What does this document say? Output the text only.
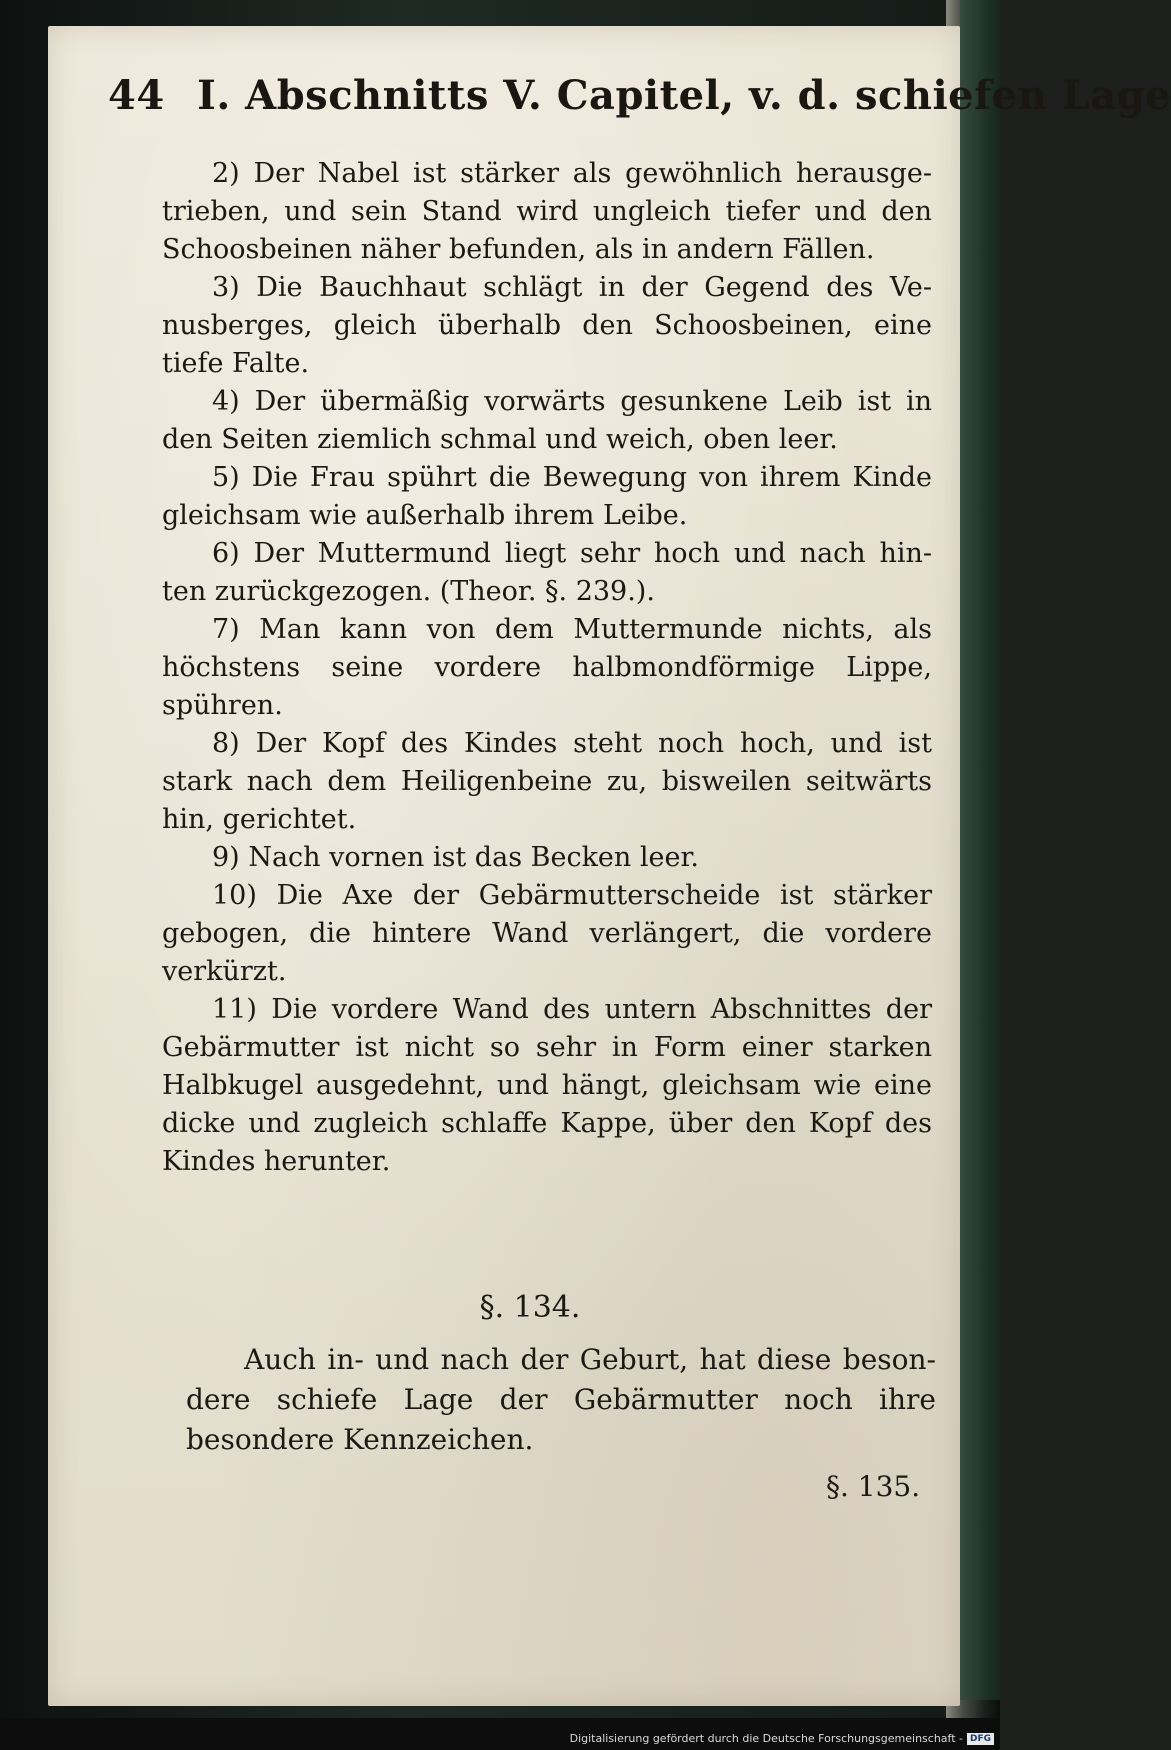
44 I. Abschnitts V. Capitel, v. d. schiefen Lage

2) Der Nabel ist stärker als gewöhnlich herausge- trieben, und sein Stand wird ungleich tiefer und den Schoosbeinen näher befunden, als in andern Fällen.

3) Die Bauchhaut schlägt in der Gegend des Ve- nusberges, gleich überhalb den Schoosbeinen, eine tiefe Falte.

4) Der übermäßig vorwärts gesunkene Leib ist in den Seiten ziemlich schmal und weich, oben leer.

5) Die Frau spührt die Bewegung von ihrem Kinde gleichsam wie außerhalb ihrem Leibe.

6) Der Muttermund liegt sehr hoch und nach hin- ten zurückgezogen. (Theor. §. 239.).

7) Man kann von dem Muttermunde nichts, als höchstens seine vordere halbmondförmige Lippe, spühren.

8) Der Kopf des Kindes steht noch hoch, und ist stark nach dem Heiligenbeine zu, bisweilen seitwärts hin, gerichtet.

9) Nach vornen ist das Becken leer.

10) Die Axe der Gebärmutterscheide ist stärker gebogen, die hintere Wand verlängert, die vordere verkürzt.

11) Die vordere Wand des untern Abschnittes der Gebärmutter ist nicht so sehr in Form einer starken Halbkugel ausgedehnt, und hängt, gleichsam wie eine dicke und zugleich schlaffe Kappe, über den Kopf des Kindes herunter.

§. 134.
Auch in- und nach der Geburt, hat diese beson- dere schiefe Lage der Gebärmutter noch ihre besondere Kennzeichen.
§. 135.
Digitalisierung gefördert durch die Deutsche Forschungsgemeinschaft - DFG
